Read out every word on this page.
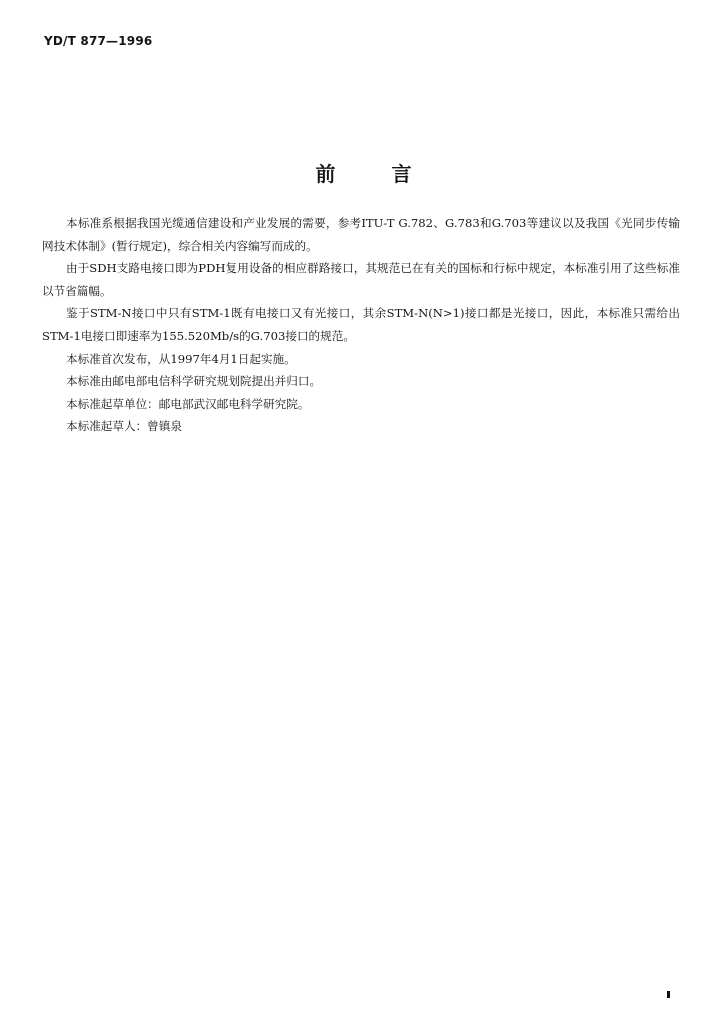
YD/T 877—1996
前言

本标准系根据我国光缆通信建设和产业发展的需要，参考ITU-T G.782、G.783和G.703等建议以及我国《光同步传输网技术体制》(暂行规定)，综合相关内容编写而成的。

由于SDH支路电接口即为PDH复用设备的相应群路接口，其规范已在有关的国标和行标中规定，本标准引用了这些标准以节省篇幅。

鉴于STM-N接口中只有STM-1既有电接口又有光接口，其余STM-N(N>1)接口都是光接口，因此，本标准只需给出STM-1电接口即速率为155.520Mb/s的G.703接口的规范。

本标准首次发布，从1997年4月1日起实施。

本标准由邮电部电信科学研究规划院提出并归口。

本标准起草单位：邮电部武汉邮电科学研究院。

本标准起草人：曾镇泉
